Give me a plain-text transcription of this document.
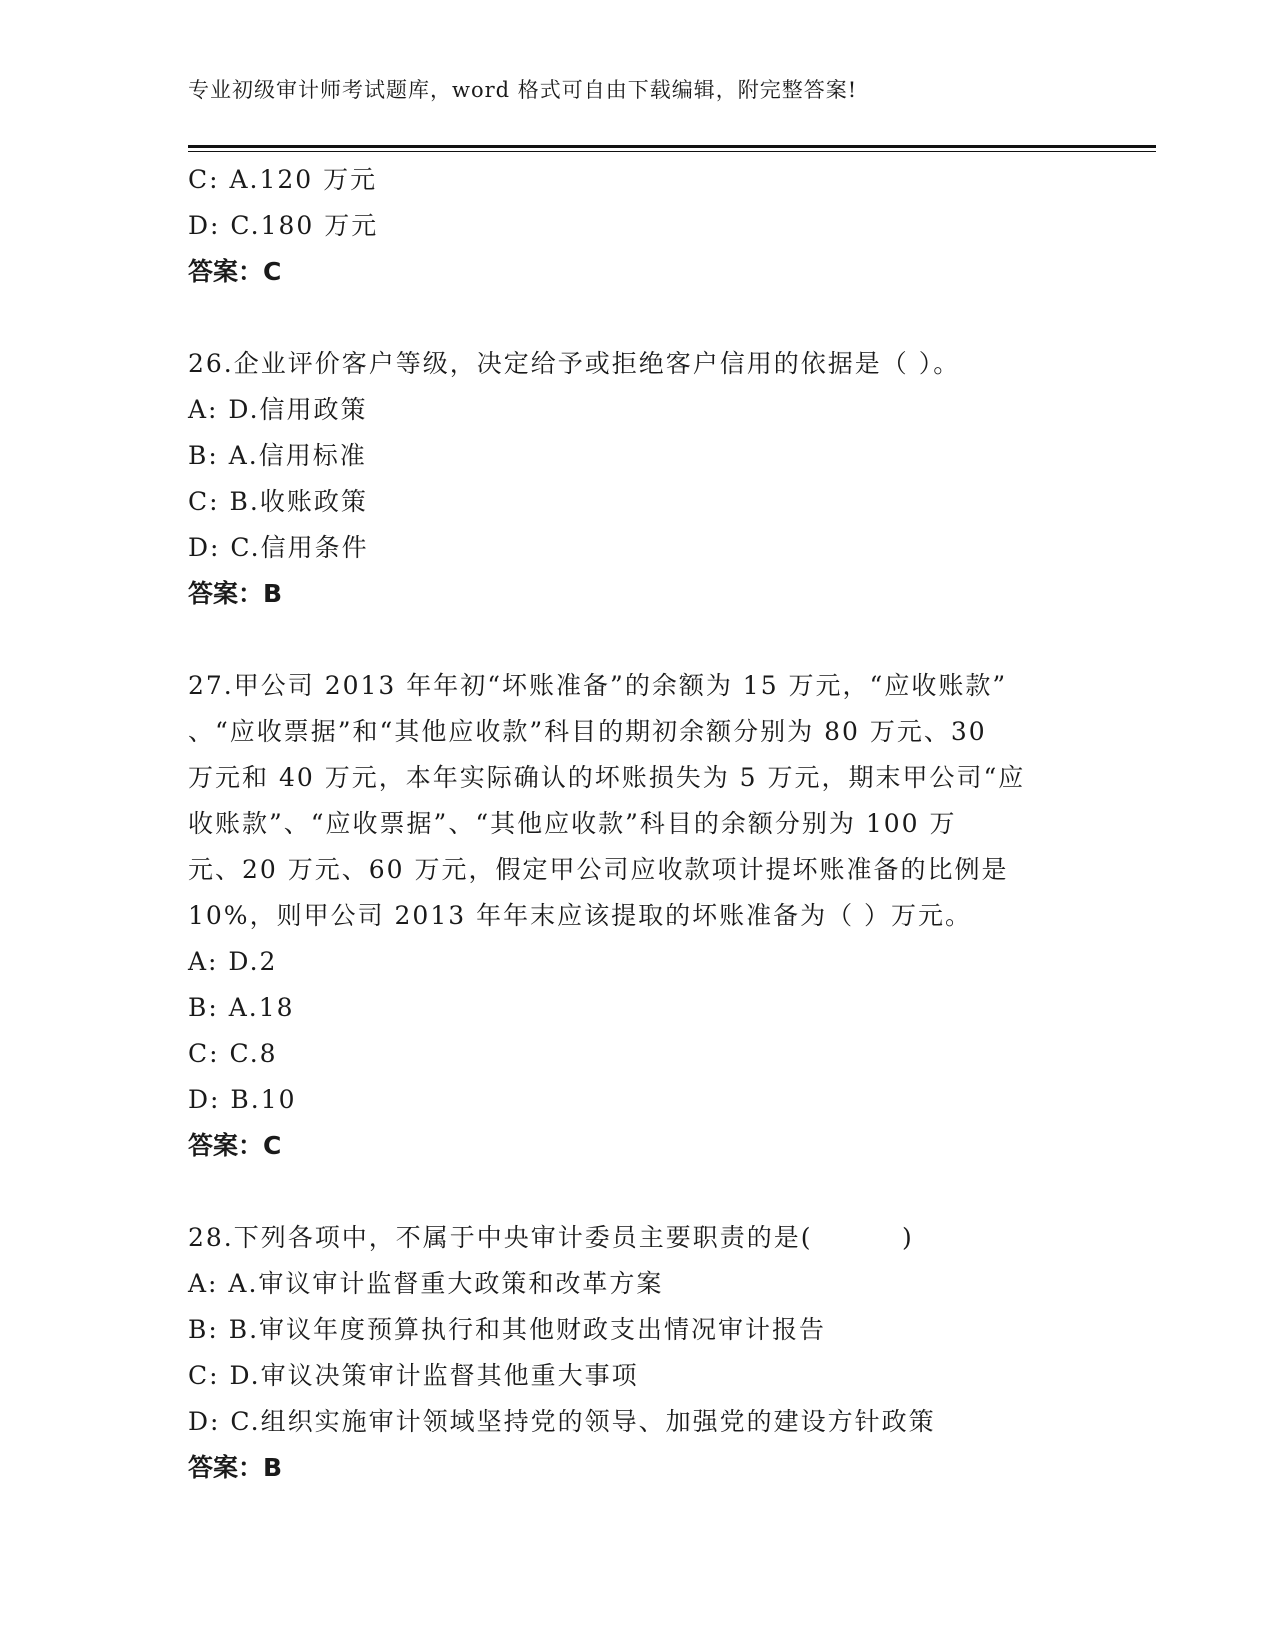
专业初级审计师考试题库，word 格式可自由下载编辑，附完整答案!
C: A.120 万元
D: C.180 万元
答案：C
26.企业评价客户等级，决定给予或拒绝客户信用的依据是（ ）。
A: D.信用政策
B: A.信用标准
C: B.收账政策
D: C.信用条件
答案：B
27.甲公司 2013 年年初“坏账准备”的余额为 15 万元，“应收账款”
、“应收票据”和“其他应收款”科目的期初余额分别为 80 万元、30
万元和 40 万元，本年实际确认的坏账损失为 5 万元，期末甲公司“应
收账款”、“应收票据”、“其他应收款”科目的余额分别为 100 万
元、20 万元、60 万元，假定甲公司应收款项计提坏账准备的比例是
10%，则甲公司 2013 年年末应该提取的坏账准备为（ ）万元。
A: D.2
B: A.18
C: C.8
D: B.10
答案：C
28.下列各项中，不属于中央审计委员主要职责的是(         )
A: A.审议审计监督重大政策和改革方案
B: B.审议年度预算执行和其他财政支出情况审计报告
C: D.审议决策审计监督其他重大事项
D: C.组织实施审计领域坚持党的领导、加强党的建设方针政策
答案：B
